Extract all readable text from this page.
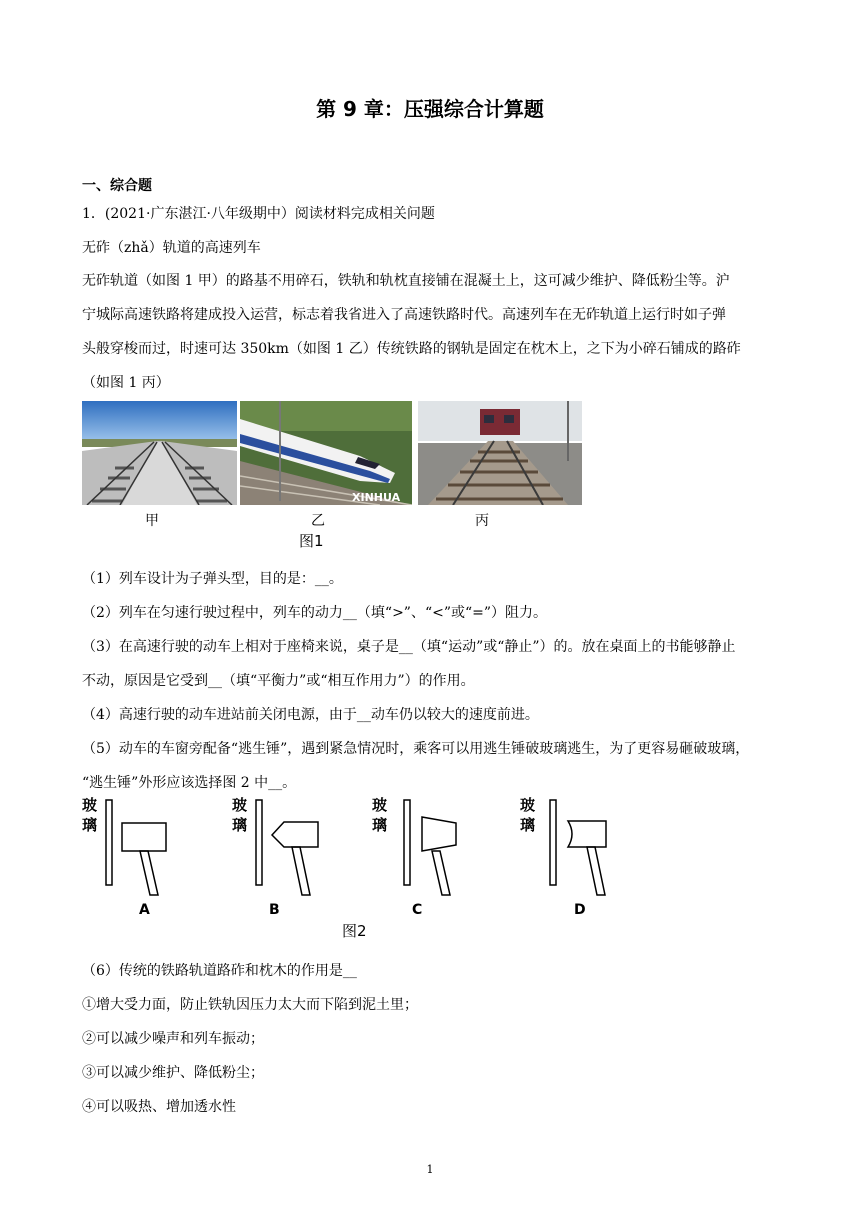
第 9 章：压强综合计算题
一、综合题
1．(2021·广东湛江·八年级期中）阅读材料完成相关问题
无砟（zhǎ）轨道的高速列车
无砟轨道（如图 1 甲）的路基不用碎石，铁轨和轨枕直接铺在混凝土上，这可减少维护、降低粉尘等。沪
宁城际高速铁路将建成投入运营，标志着我省进入了高速铁路时代。高速列车在无砟轨道上运行时如子弹
头般穿梭而过，时速可达 350km（如图 1 乙）传统铁路的钢轨是固定在枕木上，之下为小碎石铺成的路砟
（如图 1 丙）
XINHUA
甲	乙	丙
图1
（1）列车设计为子弹头型，目的是：__。
（2）列车在匀速行驶过程中，列车的动力__（填“>”、“<”或“=”）阻力。
（3）在高速行驶的动车上相对于座椅来说，桌子是__（填“运动”或“静止”）的。放在桌面上的书能够静止
不动，原因是它受到__（填“平衡力”或“相互作用力”）的作用。
（4）高速行驶的动车进站前关闭电源，由于__动车仍以较大的速度前进。
（5）动车的车窗旁配备“逃生锤”，遇到紧急情况时，乘客可以用逃生锤破玻璃逃生，为了更容易砸破玻璃，
“逃生锤”外形应该选择图 2 中__。
玻
璃
A
玻
璃
B
玻
璃
C
玻
璃
D
图2
（6）传统的铁路轨道路砟和枕木的作用是__
①增大受力面，防止铁轨因压力太大而下陷到泥土里；
②可以减少噪声和列车振动；
③可以减少维护、降低粉尘；
④可以吸热、增加透水性
1
